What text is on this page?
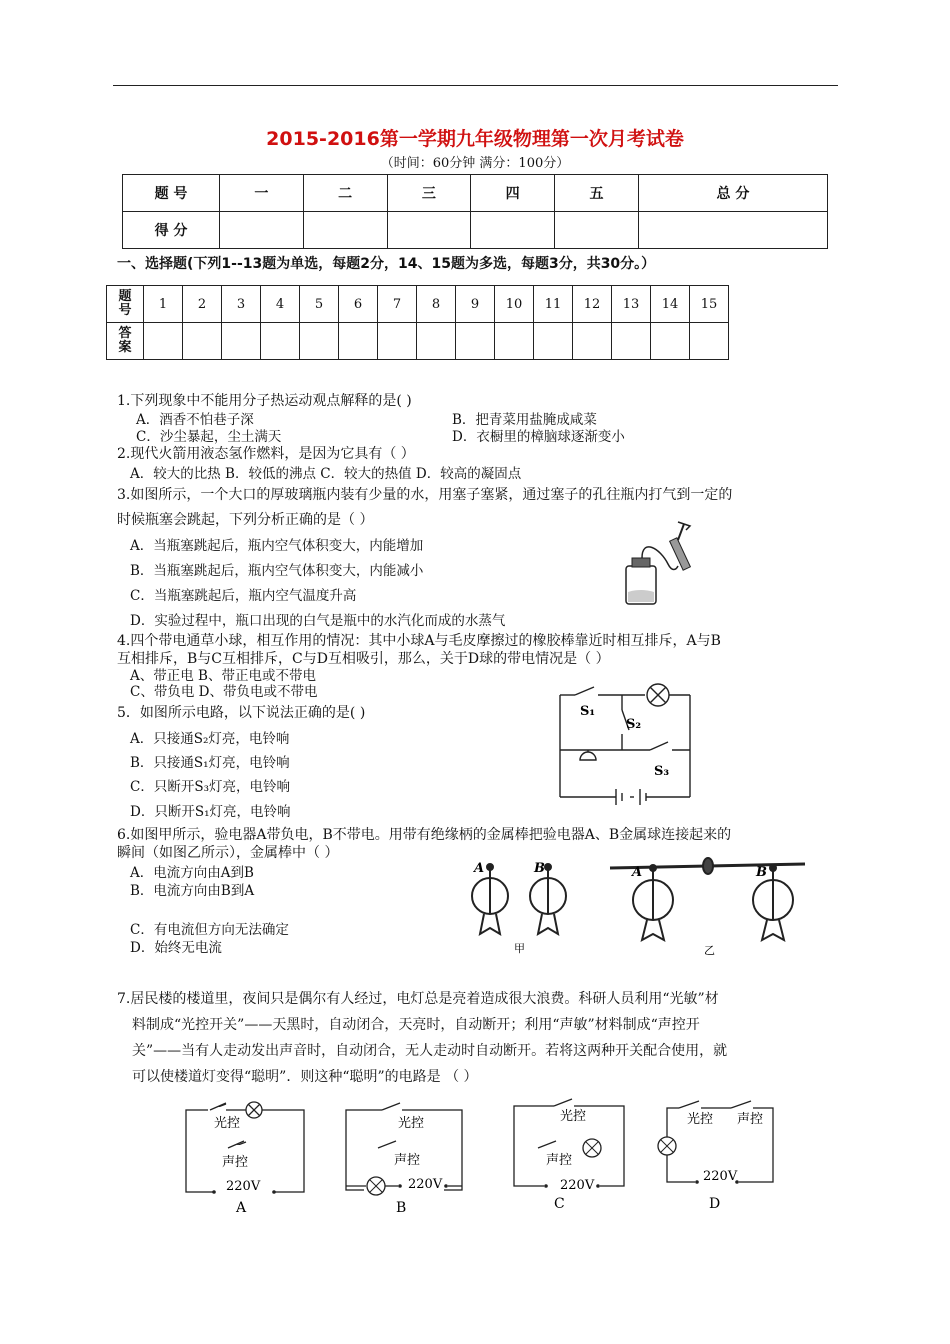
2015-2016第一学期九年级物理第一次月考试卷
（时间：60分钟 满分：100分）
题 号	一	二	三	四	五	总 分
得 分						
一、选择题(下列1--13题为单选，每题2分，14、15题为多选，每题3分，共30分。）
题号	1	2	3	4	5	6	7	8	9	10	11	12	13	14	15
答案															
1.下列现象中不能用分子热运动观点解释的是( )
A．酒香不怕巷子深	B．把青菜用盐腌成咸菜
C．沙尘暴起，尘土满天	D．衣橱里的樟脑球逐渐变小
2.现代火箭用液态氢作燃料，是因为它具有（ ）
A．较大的比热 B．较低的沸点 C．较大的热值 D．较高的凝固点
3.如图所示，一个大口的厚玻璃瓶内装有少量的水，用塞子塞紧，通过塞子的孔往瓶内打气到一定的
时候瓶塞会跳起，下列分析正确的是（ ）
A．当瓶塞跳起后，瓶内空气体积变大，内能增加
B．当瓶塞跳起后，瓶内空气体积变大，内能减小
C．当瓶塞跳起后，瓶内空气温度升高
D．实验过程中，瓶口出现的白气是瓶中的水汽化而成的水蒸气
4.四个带电通草小球，相互作用的情况：其中小球A与毛皮摩擦过的橡胶棒靠近时相互排斥，A与B
互相排斥，B与C互相排斥，C与D互相吸引，那么，关于D球的带电情况是（ ）
A、带正电 B、带正电或不带电
C、带负电 D、带负电或不带电
5．如图所示电路，以下说法正确的是( )
A．只接通S₂灯亮，电铃响
B．只接通S₁灯亮，电铃响
C．只断开S₃灯亮，电铃响
D．只断开S₁灯亮，电铃响
S₁
S₂
S₃
6.如图甲所示，验电器A带负电，B不带电。用带有绝缘柄的金属棒把验电器A、B金属球连接起来的
瞬间（如图乙所示），金属棒中（ ）
A．电流方向由A到B
B．电流方向由B到A
C．有电流但方向无法确定
D．始终无电流
A	B
甲
A	B
乙
7.居民楼的楼道里，夜间只是偶尔有人经过，电灯总是亮着造成很大浪费。科研人员利用“光敏”材
料制成“光控开关”——天黑时，自动闭合，天亮时，自动断开；利用“声敏”材料制成“声控开
关”——当有人走动发出声音时，自动闭合，无人走动时自动断开。若将这两种开关配合使用，就
可以使楼道灯变得“聪明”．则这种“聪明”的电路是 （ ）
光控
声控
220V
A
光控
声控
220V
B
光控
声控
220V
C
光控 声控
220V
D
